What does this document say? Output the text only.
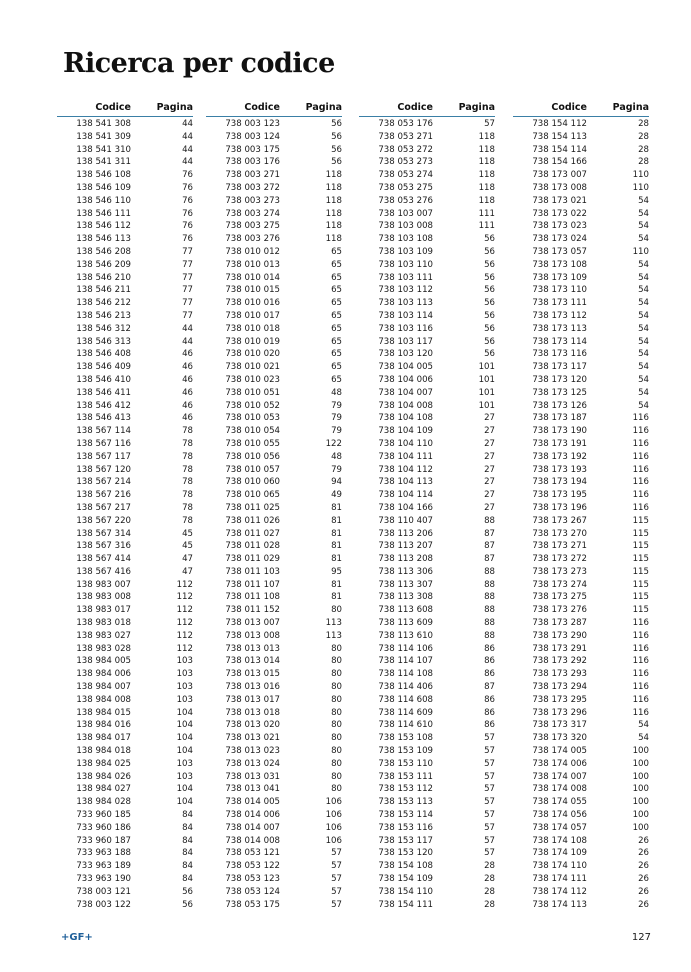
Ricerca per codice
Codice	Pagina
138 541 308	44
138 541 309	44
138 541 310	44
138 541 311	44
138 546 108	76
138 546 109	76
138 546 110	76
138 546 111	76
138 546 112	76
138 546 113	76
138 546 208	77
138 546 209	77
138 546 210	77
138 546 211	77
138 546 212	77
138 546 213	77
138 546 312	44
138 546 313	44
138 546 408	46
138 546 409	46
138 546 410	46
138 546 411	46
138 546 412	46
138 546 413	46
138 567 114	78
138 567 116	78
138 567 117	78
138 567 120	78
138 567 214	78
138 567 216	78
138 567 217	78
138 567 220	78
138 567 314	45
138 567 316	45
138 567 414	47
138 567 416	47
138 983 007	112
138 983 008	112
138 983 017	112
138 983 018	112
138 983 027	112
138 983 028	112
138 984 005	103
138 984 006	103
138 984 007	103
138 984 008	103
138 984 015	104
138 984 016	104
138 984 017	104
138 984 018	104
138 984 025	103
138 984 026	103
138 984 027	104
138 984 028	104
733 960 185	84
733 960 186	84
733 960 187	84
733 963 188	84
733 963 189	84
733 963 190	84
738 003 121	56
738 003 122	56
Codice	Pagina
738 003 123	56
738 003 124	56
738 003 175	56
738 003 176	56
738 003 271	118
738 003 272	118
738 003 273	118
738 003 274	118
738 003 275	118
738 003 276	118
738 010 012	65
738 010 013	65
738 010 014	65
738 010 015	65
738 010 016	65
738 010 017	65
738 010 018	65
738 010 019	65
738 010 020	65
738 010 021	65
738 010 023	65
738 010 051	48
738 010 052	79
738 010 053	79
738 010 054	79
738 010 055	122
738 010 056	48
738 010 057	79
738 010 060	94
738 010 065	49
738 011 025	81
738 011 026	81
738 011 027	81
738 011 028	81
738 011 029	81
738 011 103	95
738 011 107	81
738 011 108	81
738 011 152	80
738 013 007	113
738 013 008	113
738 013 013	80
738 013 014	80
738 013 015	80
738 013 016	80
738 013 017	80
738 013 018	80
738 013 020	80
738 013 021	80
738 013 023	80
738 013 024	80
738 013 031	80
738 013 041	80
738 014 005	106
738 014 006	106
738 014 007	106
738 014 008	106
738 053 121	57
738 053 122	57
738 053 123	57
738 053 124	57
738 053 175	57
Codice	Pagina
738 053 176	57
738 053 271	118
738 053 272	118
738 053 273	118
738 053 274	118
738 053 275	118
738 053 276	118
738 103 007	111
738 103 008	111
738 103 108	56
738 103 109	56
738 103 110	56
738 103 111	56
738 103 112	56
738 103 113	56
738 103 114	56
738 103 116	56
738 103 117	56
738 103 120	56
738 104 005	101
738 104 006	101
738 104 007	101
738 104 008	101
738 104 108	27
738 104 109	27
738 104 110	27
738 104 111	27
738 104 112	27
738 104 113	27
738 104 114	27
738 104 166	27
738 110 407	88
738 113 206	87
738 113 207	87
738 113 208	87
738 113 306	88
738 113 307	88
738 113 308	88
738 113 608	88
738 113 609	88
738 113 610	88
738 114 106	86
738 114 107	86
738 114 108	86
738 114 406	87
738 114 608	86
738 114 609	86
738 114 610	86
738 153 108	57
738 153 109	57
738 153 110	57
738 153 111	57
738 153 112	57
738 153 113	57
738 153 114	57
738 153 116	57
738 153 117	57
738 153 120	57
738 154 108	28
738 154 109	28
738 154 110	28
738 154 111	28
Codice	Pagina
738 154 112	28
738 154 113	28
738 154 114	28
738 154 166	28
738 173 007	110
738 173 008	110
738 173 021	54
738 173 022	54
738 173 023	54
738 173 024	54
738 173 057	110
738 173 108	54
738 173 109	54
738 173 110	54
738 173 111	54
738 173 112	54
738 173 113	54
738 173 114	54
738 173 116	54
738 173 117	54
738 173 120	54
738 173 125	54
738 173 126	54
738 173 187	116
738 173 190	116
738 173 191	116
738 173 192	116
738 173 193	116
738 173 194	116
738 173 195	116
738 173 196	116
738 173 267	115
738 173 270	115
738 173 271	115
738 173 272	115
738 173 273	115
738 173 274	115
738 173 275	115
738 173 276	115
738 173 287	116
738 173 290	116
738 173 291	116
738 173 292	116
738 173 293	116
738 173 294	116
738 173 295	116
738 173 296	116
738 173 317	54
738 173 320	54
738 174 005	100
738 174 006	100
738 174 007	100
738 174 008	100
738 174 055	100
738 174 056	100
738 174 057	100
738 174 108	26
738 174 109	26
738 174 110	26
738 174 111	26
738 174 112	26
738 174 113	26
+GF+	127
